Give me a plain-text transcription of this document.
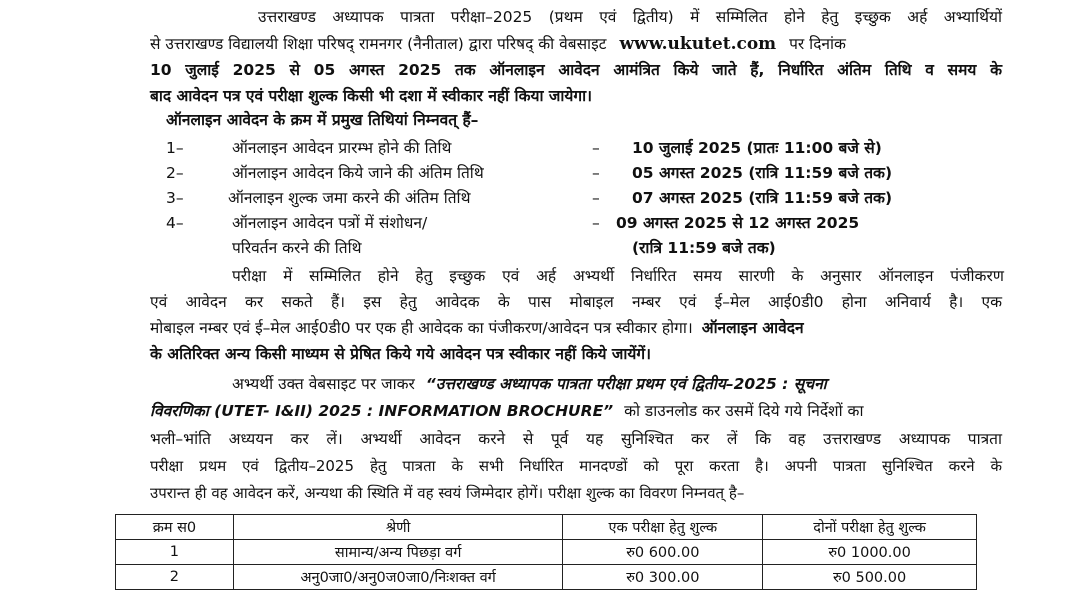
उत्तराखण्ड अध्यापक पात्रता परीक्षा–2025 (प्रथम एवं द्वितीय) में सम्मिलित होने हेतु इच्छुक अर्ह अभ्यार्थियों
से उत्तराखण्ड विद्यालयी शिक्षा परिषद् रामनगर (नैनीताल) द्वारा परिषद् की वेबसाइट www.ukutet.com पर दिनांक
10 जुलाई 2025 से 05 अगस्त 2025 तक ऑनलाइन आवेदन आमंत्रित किये जाते हैं, निर्धारित अंतिम तिथि व समय के
बाद आवेदन पत्र एवं परीक्षा शुल्क किसी भी दशा में स्वीकार नहीं किया जायेगा।
ऑनलाइन आवेदन के क्रम में प्रमुख तिथियां निम्नवत् हैं–
1–	ऑनलाइन आवेदन प्रारम्भ होने की तिथि	– 10 जुलाई 2025 (प्रातः 11:00 बजे से)
2–	ऑनलाइन आवेदन किये जाने की अंतिम तिथि	– 05 अगस्त 2025 (रात्रि 11:59 बजे तक)
3–	ऑनलाइन शुल्क जमा करने की अंतिम तिथि	– 07 अगस्त 2025 (रात्रि 11:59 बजे तक)
4–	ऑनलाइन आवेदन पत्रों में संशोधन/	– 09 अगस्त 2025 से 12 अगस्त 2025
परिवर्तन करने की तिथि	(रात्रि 11:59 बजे तक)
परीक्षा में सम्मिलित होने हेतु इच्छुक एवं अर्ह अभ्यर्थी निर्धारित समय सारणी के अनुसार ऑनलाइन पंजीकरण
एवं आवेदन कर सकते हैं। इस हेतु आवेदक के पास मोबाइल नम्बर एवं ई–मेल आई0डी0 होना अनिवार्य है। एक
मोबाइल नम्बर एवं ई–मेल आई0डी0 पर एक ही आवेदक का पंजीकरण/आवेदन पत्र स्वीकार होगा। ऑनलाइन आवेदन
के अतिरिक्त अन्य किसी माध्यम से प्रेषित किये गये आवेदन पत्र स्वीकार नहीं किये जायेंगें।
अभ्यर्थी उक्त वेबसाइट पर जाकर “उत्तराखण्ड अध्यापक पात्रता परीक्षा प्रथम एवं द्वितीय–2025 : सूचना
विवरणिका (UTET- I&II) 2025 : INFORMATION BROCHURE” को डाउनलोड कर उसमें दिये गये निर्देशों का
भली–भांति अध्ययन कर लें। अभ्यर्थी आवेदन करने से पूर्व यह सुनिश्चित कर लें कि वह उत्तराखण्ड अध्यापक पात्रता
परीक्षा प्रथम एवं द्वितीय–2025 हेतु पात्रता के सभी निर्धारित मानदण्डों को पूरा करता है। अपनी पात्रता सुनिश्चित करने के
उपरान्त ही वह आवेदन करें, अन्यथा की स्थिति में वह स्वयं जिम्मेदार होगें। परीक्षा शुल्क का विवरण निम्नवत् है–
क्रम स0	श्रेणी	एक परीक्षा हेतु शुल्क	दोनों परीक्षा हेतु शुल्क
1	सामान्य/अन्य पिछड़ा वर्ग	रु0 600.00	रु0 1000.00
2	अनु0जा0/अनु0ज0जा0/निःशक्त वर्ग	रु0 300.00	रु0 500.00
